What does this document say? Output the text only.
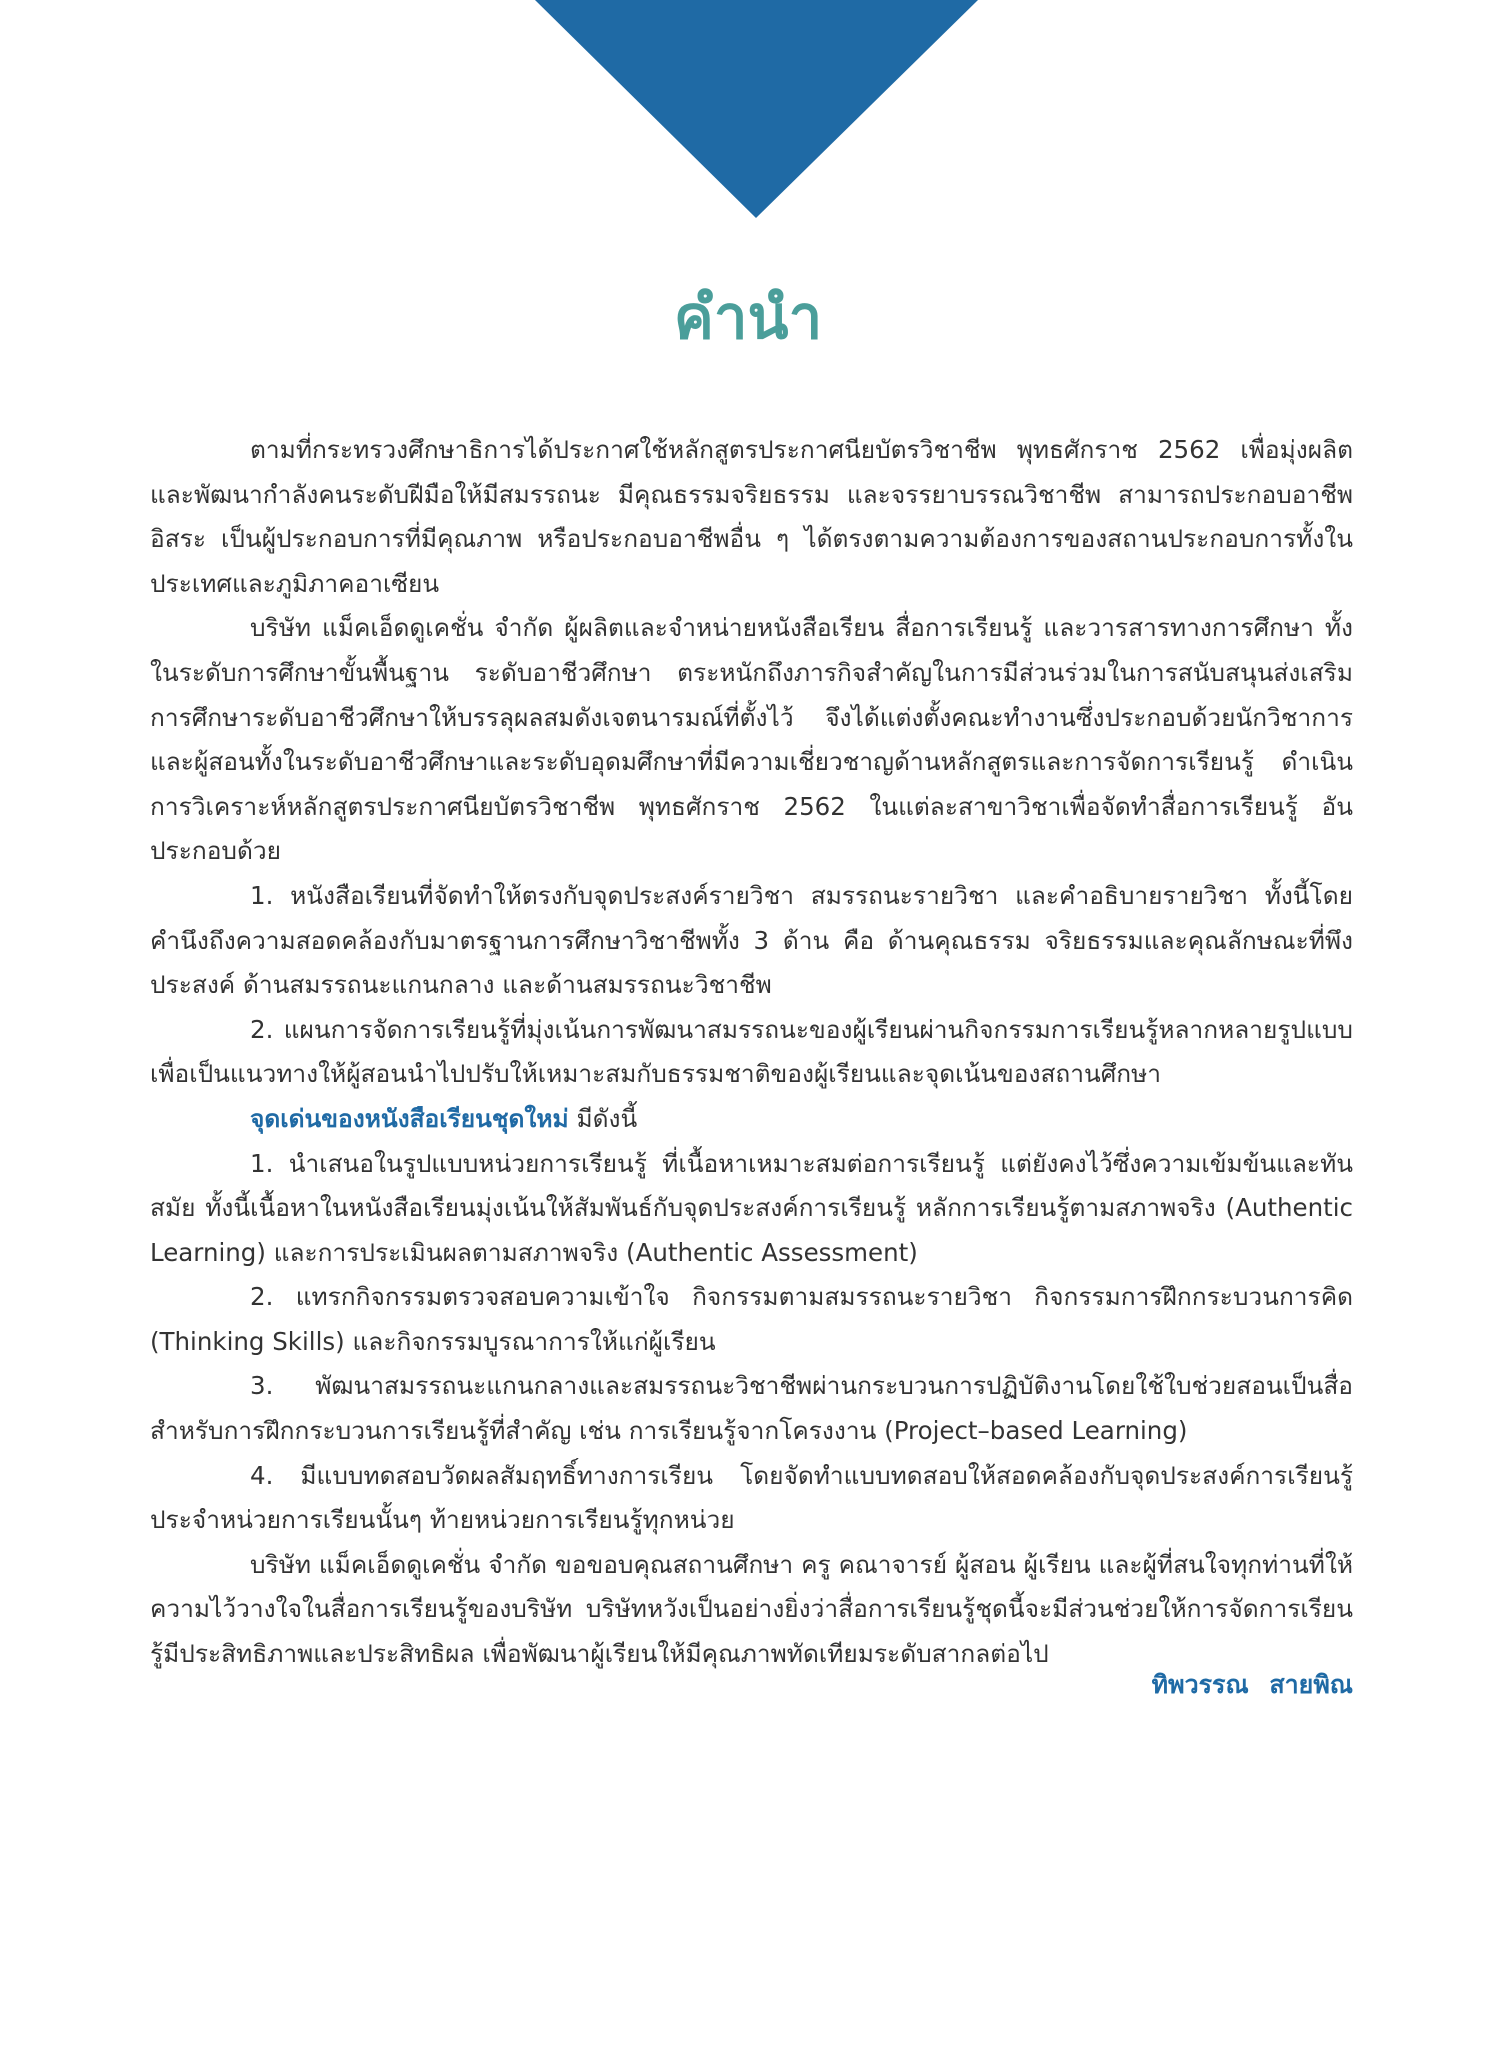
คำนำ

ตามที่กระทรวงศึกษาธิการได้ประกาศใช้หลักสูตรประกาศนียบัตรวิชาชีพ พุทธศักราช 2562 เพื่อมุ่งผลิตและพัฒนากำลังคนระดับฝีมือให้มีสมรรถนะ มีคุณธรรมจริยธรรม และจรรยาบรรณวิชาชีพ สามารถประกอบอาชีพอิสระ เป็นผู้ประกอบการที่มีคุณภาพ หรือประกอบอาชีพอื่น ๆ ได้ตรงตามความต้องการของสถานประกอบการทั้งในประเทศและภูมิภาคอาเซียน

บริษัท แม็คเอ็ดดูเคชั่น จำกัด ผู้ผลิตและจำหน่ายหนังสือเรียน สื่อการเรียนรู้ และวารสารทางการศึกษา ทั้งในระดับการศึกษาขั้นพื้นฐาน ระดับอาชีวศึกษา ตระหนักถึงภารกิจสำคัญในการมีส่วนร่วมในการสนับสนุนส่งเสริมการศึกษาระดับอาชีวศึกษาให้บรรลุผลสมดังเจตนารมณ์ที่ตั้งไว้ จึงได้แต่งตั้งคณะทำงานซึ่งประกอบด้วยนักวิชาการและผู้สอนทั้งในระดับอาชีวศึกษาและระดับอุดมศึกษาที่มีความเชี่ยวชาญด้านหลักสูตรและการจัดการเรียนรู้ ดำเนินการวิเคราะห์หลักสูตรประกาศนียบัตรวิชาชีพ พุทธศักราช 2562 ในแต่ละสาขาวิชาเพื่อจัดทำสื่อการเรียนรู้ อันประกอบด้วย

1. หนังสือเรียนที่จัดทำให้ตรงกับจุดประสงค์รายวิชา สมรรถนะรายวิชา และคำอธิบายรายวิชา ทั้งนี้โดยคำนึงถึงความสอดคล้องกับมาตรฐานการศึกษาวิชาชีพทั้ง 3 ด้าน คือ ด้านคุณธรรม จริยธรรมและคุณลักษณะที่พึงประสงค์ ด้านสมรรถนะแกนกลาง และด้านสมรรถนะวิชาชีพ

2. แผนการจัดการเรียนรู้ที่มุ่งเน้นการพัฒนาสมรรถนะของผู้เรียนผ่านกิจกรรมการเรียนรู้หลากหลายรูปแบบ เพื่อเป็นแนวทางให้ผู้สอนนำไปปรับให้เหมาะสมกับธรรมชาติของผู้เรียนและจุดเน้นของสถานศึกษา

จุดเด่นของหนังสือเรียนชุดใหม่ มีดังนี้

1. นำเสนอในรูปแบบหน่วยการเรียนรู้ ที่เนื้อหาเหมาะสมต่อการเรียนรู้ แต่ยังคงไว้ซึ่งความเข้มข้นและทันสมัย ทั้งนี้เนื้อหาในหนังสือเรียนมุ่งเน้นให้สัมพันธ์กับจุดประสงค์การเรียนรู้ หลักการเรียนรู้ตามสภาพจริง (Authentic Learning) และการประเมินผลตามสภาพจริง (Authentic Assessment)

2. แทรกกิจกรรมตรวจสอบความเข้าใจ กิจกรรมตามสมรรถนะรายวิชา กิจกรรมการฝึกกระบวนการคิด (Thinking Skills) และกิจกรรมบูรณาการให้แก่ผู้เรียน

3. พัฒนาสมรรถนะแกนกลางและสมรรถนะวิชาชีพผ่านกระบวนการปฏิบัติงานโดยใช้ใบช่วยสอนเป็นสื่อสำหรับการฝึกกระบวนการเรียนรู้ที่สำคัญ เช่น การเรียนรู้จากโครงงาน (Project–based Learning)

4. มีแบบทดสอบวัดผลสัมฤทธิ์ทางการเรียน โดยจัดทำแบบทดสอบให้สอดคล้องกับจุดประสงค์การเรียนรู้ประจำหน่วยการเรียนนั้นๆ ท้ายหน่วยการเรียนรู้ทุกหน่วย

บริษัท แม็คเอ็ดดูเคชั่น จำกัด ขอขอบคุณสถานศึกษา ครู คณาจารย์ ผู้สอน ผู้เรียน และผู้ที่สนใจทุกท่านที่ให้ความไว้วางใจในสื่อการเรียนรู้ของบริษัท บริษัทหวังเป็นอย่างยิ่งว่าสื่อการเรียนรู้ชุดนี้จะมีส่วนช่วยให้การจัดการเรียนรู้มีประสิทธิภาพและประสิทธิผล เพื่อพัฒนาผู้เรียนให้มีคุณภาพทัดเทียมระดับสากลต่อไป

ทิพวรรณ สายพิณ
